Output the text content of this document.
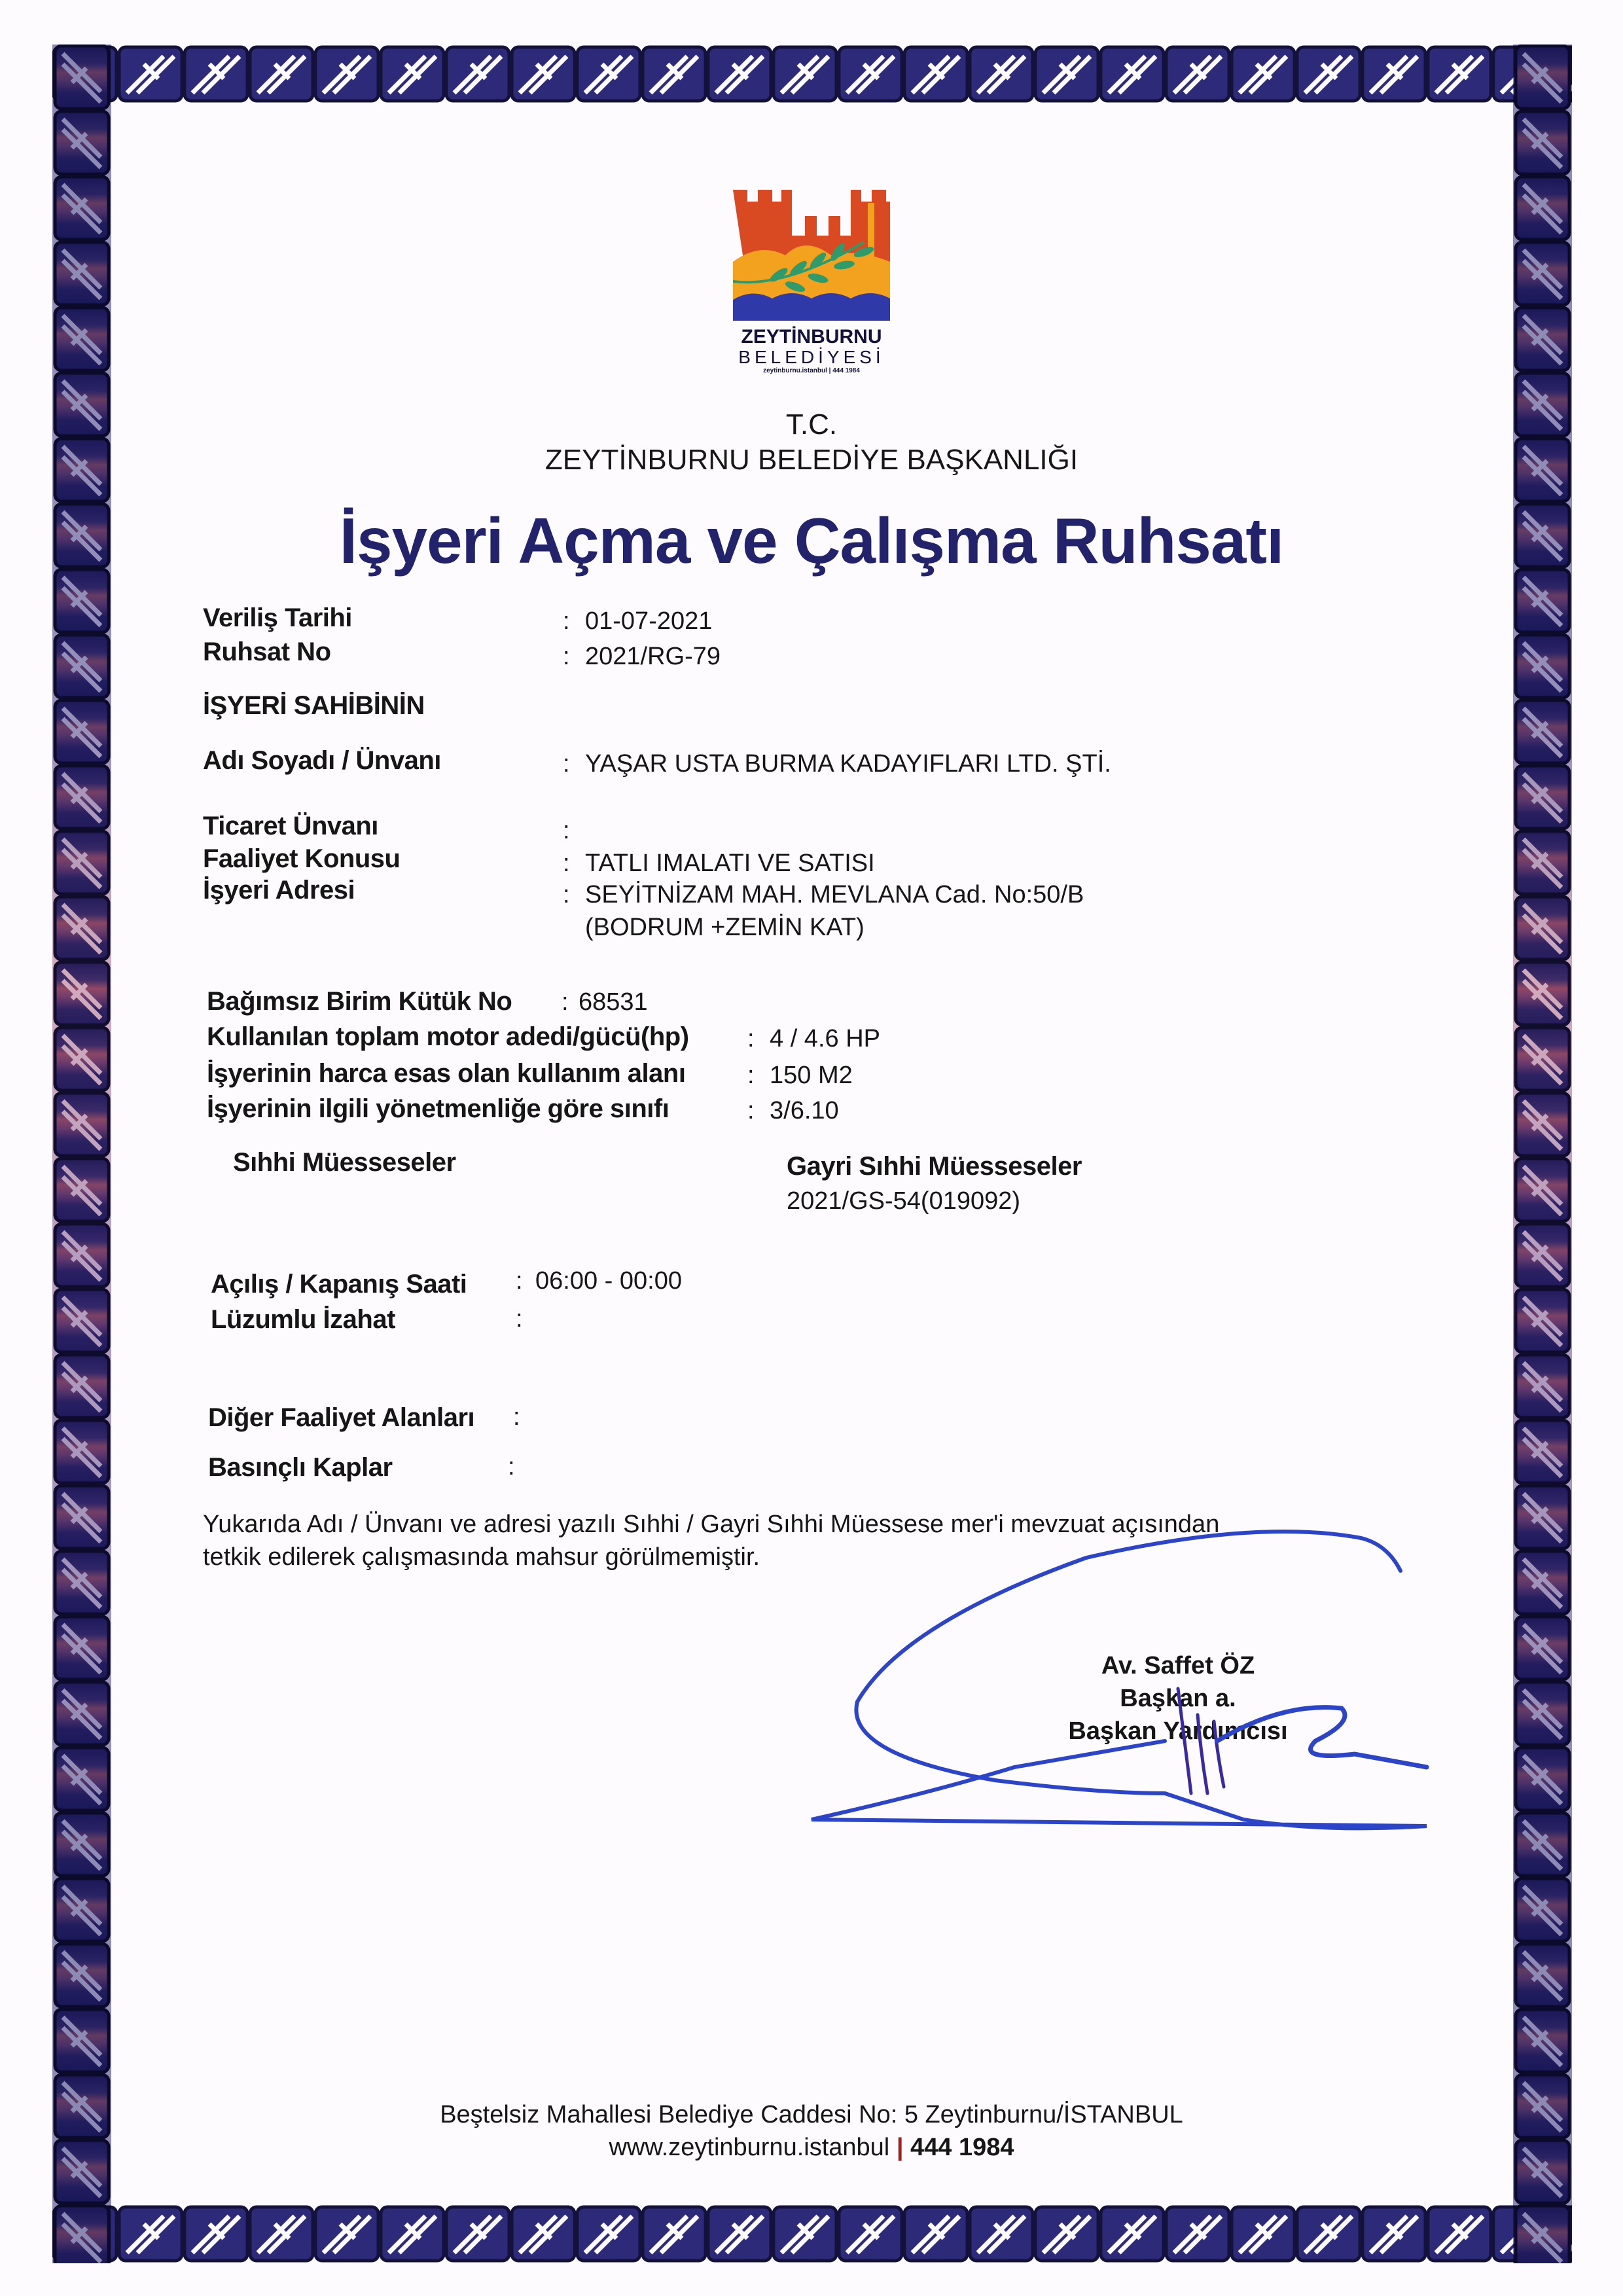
ZEYTİNBURNU
BELEDİYESİ
zeytinburnu.istanbul | 444 1984
T.C.
ZEYTİNBURNU BELEDİYE BAŞKANLIĞI
İşyeri Açma ve Çalışma Ruhsatı
Veriliş Tarihi	: 01-07-2021
Ruhsat No	: 2021/RG-79
İŞYERİ SAHİBİNİN
Adı Soyadı / Ünvanı	: YAŞAR USTA BURMA KADAYIFLARI LTD. ŞTİ.
Ticaret Ünvanı	:
Faaliyet Konusu	: TATLI IMALATI VE SATISI
İşyeri Adresi	: SEYİTNİZAM MAH. MEVLANA Cad. No:50/B
(BODRUM +ZEMİN KAT)
Bağımsız Birim Kütük No : 68531
Kullanılan toplam motor adedi/gücü(hp) : 4 / 4.6 HP
İşyerinin harca esas olan kullanım alanı : 150 M2
İşyerinin ilgili yönetmenliğe göre sınıfı	: 3/6.10
Sıhhi Müesseseler	Gayri Sıhhi Müesseseler
2021/GS-54(019092)
Açılış / Kapanış Saati : 06:00 - 00:00
Lüzumlu İzahat	:
Diğer Faaliyet Alanları :
Basınçlı Kaplar	:
Yukarıda Adı / Ünvanı ve adresi yazılı Sıhhi / Gayri Sıhhi Müessese mer'i mevzuat açısından
tetkik edilerek çalışmasında mahsur görülmemiştir.
Av. Saffet ÖZ
Başkan a.
Başkan Yardımcısı
Beştelsiz Mahallesi Belediye Caddesi No: 5 Zeytinburnu/İSTANBUL
www.zeytinburnu.istanbul | 444 1984
